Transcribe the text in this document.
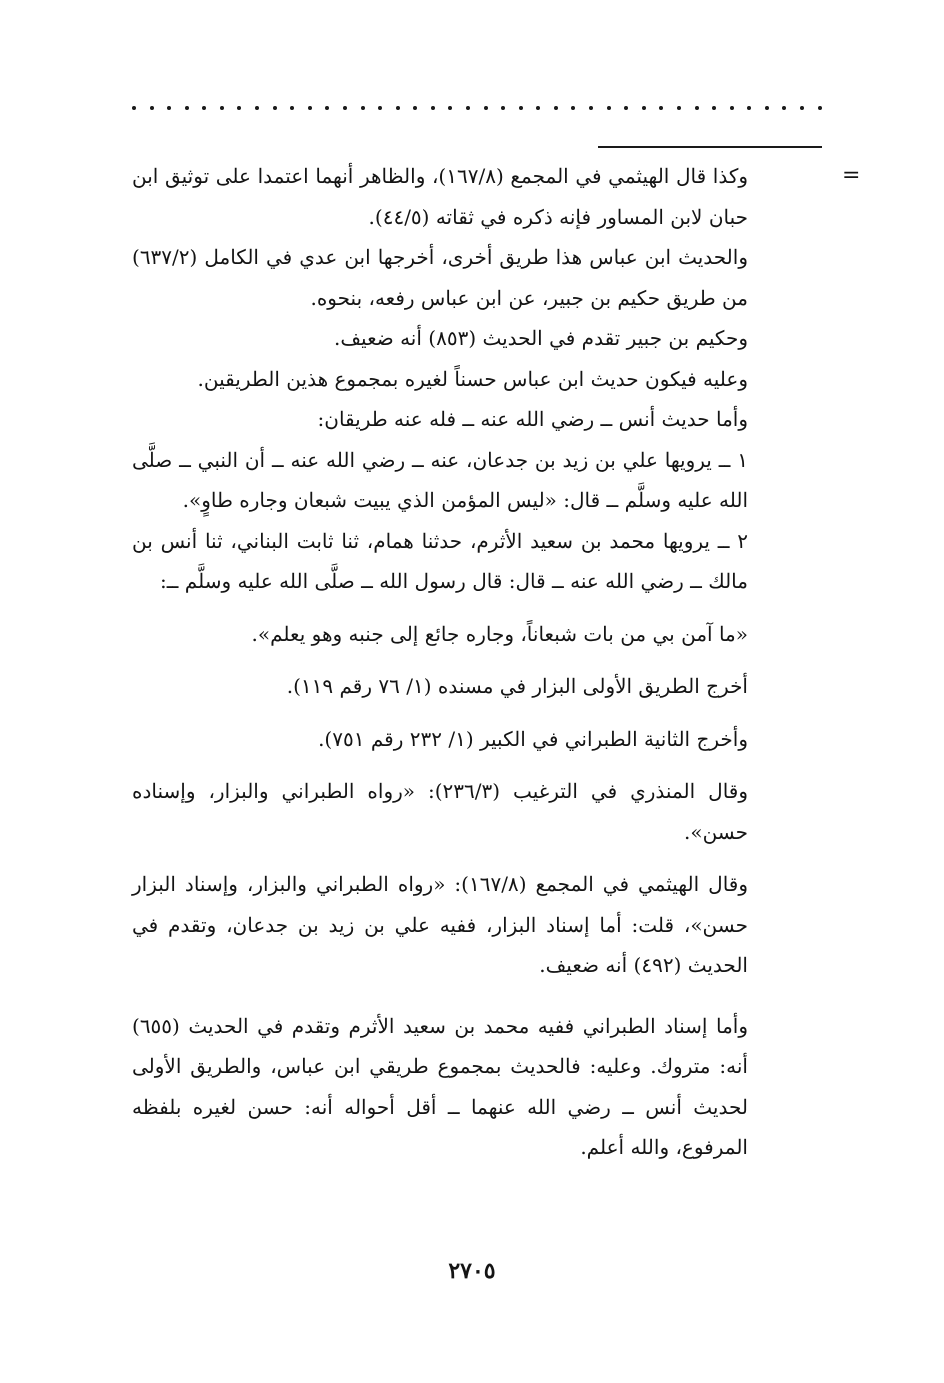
=

وكذا قال الهيثمي في المجمع (١٦٧/٨)، والظاهر أنهما اعتمدا على توثيق ابن حبان لابن المساور فإنه ذكره في ثقاته (٤٤/٥).

والحديث ابن عباس هذا طريق أخرى، أخرجها ابن عدي في الكامل (٦٣٧/٢) من طريق حكيم بن جبير، عن ابن عباس رفعه، بنحوه.

وحكيم بن جبير تقدم في الحديث (٨٥٣) أنه ضعيف.

وعليه فيكون حديث ابن عباس حسناً لغيره بمجموع هذين الطريقين.

وأما حديث أنس ــ رضي الله عنه ــ فله عنه طريقان:

١ ــ يرويها علي بن زيد بن جدعان، عنه ــ رضي الله عنه ــ أن النبي ــ صلَّى الله عليه وسلَّم ــ قال: «ليس المؤمن الذي يبيت شبعان وجاره طاوٍ».

٢ ــ يرويها محمد بن سعيد الأثرم، حدثنا همام، ثنا ثابت البناني، ثنا أنس بن مالك ــ رضي الله عنه ــ قال: قال رسول الله ــ صلَّى الله عليه وسلَّم ــ:

«ما آمن بي من بات شبعاناً، وجاره جائع إلى جنبه وهو يعلم».

أخرج الطريق الأولى البزار في مسنده (١/ ٧٦ رقم ١١٩).

وأخرج الثانية الطبراني في الكبير (١/ ٢٣٢ رقم ٧٥١).

وقال المنذري في الترغيب (٢٣٦/٣): «رواه الطبراني والبزار، وإسناده حسن».

وقال الهيثمي في المجمع (١٦٧/٨): «رواه الطبراني والبزار، وإسناد البزار حسن»، قلت: أما إسناد البزار، ففيه علي بن زيد بن جدعان، وتقدم في الحديث (٤٩٢) أنه ضعيف.

وأما إسناد الطبراني ففيه محمد بن سعيد الأثرم وتقدم في الحديث (٦٥٥) أنه: متروك. وعليه: فالحديث بمجموع طريقي ابن عباس، والطريق الأولى لحديث أنس ــ رضي الله عنهما ــ أقل أحواله أنه: حسن لغيره بلفظه المرفوع، والله أعلم.

٢٧٠٥
